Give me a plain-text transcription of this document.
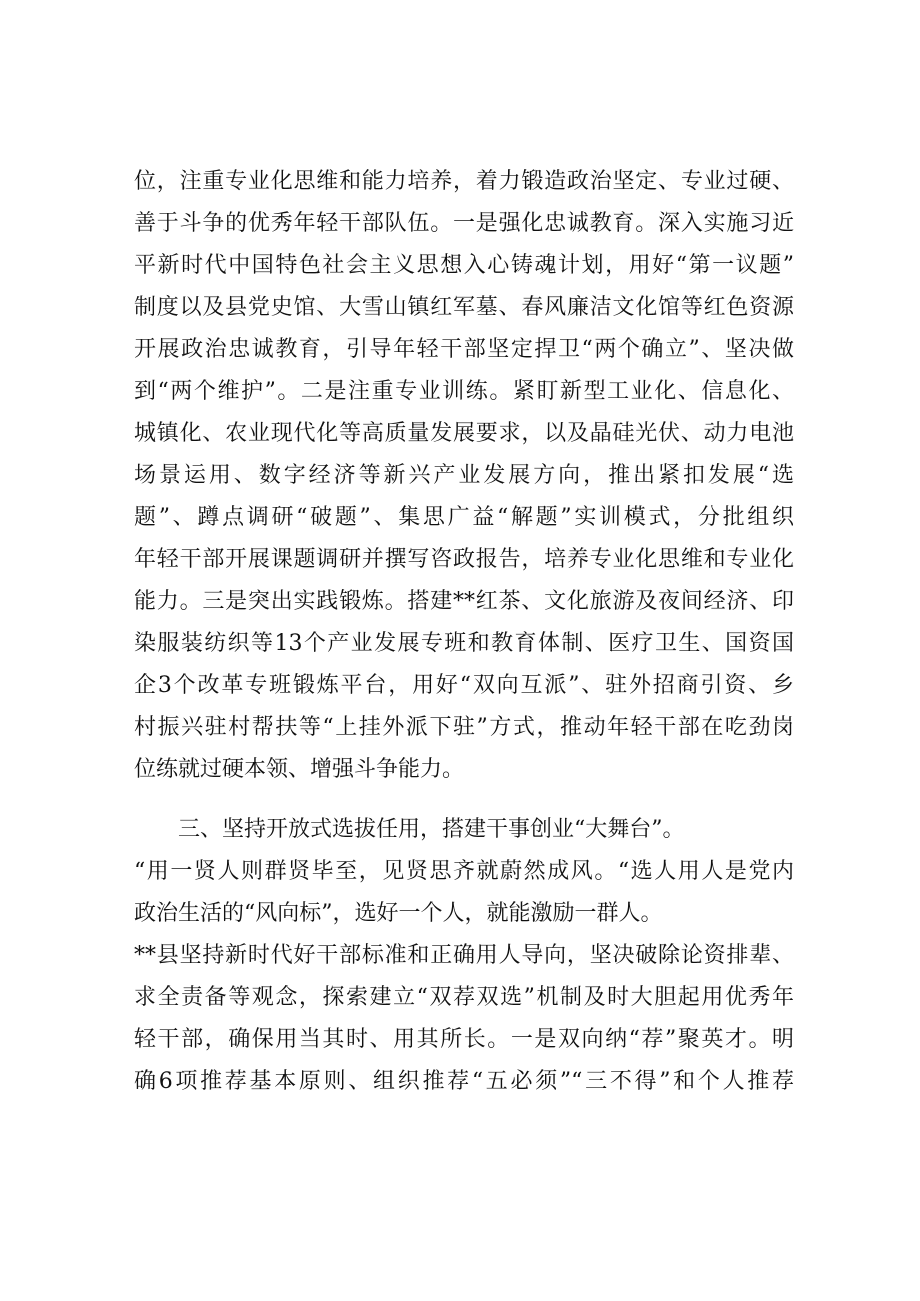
位，注重专业化思维和能力培养，着力锻造政治坚定、专业过硬、
善于斗争的优秀年轻干部队伍。一是强化忠诚教育。深入实施习近
平新时代中国特色社会主义思想入心铸魂计划，用好“第一议题”
制度以及县党史馆、大雪山镇红军墓、春风廉洁文化馆等红色资源
开展政治忠诚教育，引导年轻干部坚定捍卫“两个确立”、坚决做
到“两个维护”。二是注重专业训练。紧盯新型工业化、信息化、
城镇化、农业现代化等高质量发展要求，以及晶硅光伏、动力电池
场景运用、数字经济等新兴产业发展方向，推出紧扣发展“选
题”、蹲点调研“破题”、集思广益“解题”实训模式，分批组织
年轻干部开展课题调研并撰写咨政报告，培养专业化思维和专业化
能力。三是突出实践锻炼。搭建**红茶、文化旅游及夜间经济、印
染服装纺织等13个产业发展专班和教育体制、医疗卫生、国资国
企3个改革专班锻炼平台，用好“双向互派”、驻外招商引资、乡
村振兴驻村帮扶等“上挂外派下驻”方式，推动年轻干部在吃劲岗
位练就过硬本领、增强斗争能力。
三、坚持开放式选拔任用，搭建干事创业“大舞台”。
“用一贤人则群贤毕至，见贤思齐就蔚然成风。“选人用人是党内
政治生活的“风向标”，选好一个人，就能激励一群人。
**县坚持新时代好干部标准和正确用人导向，坚决破除论资排辈、
求全责备等观念，探索建立“双荐双选”机制及时大胆起用优秀年
轻干部，确保用当其时、用其所长。一是双向纳“荐”聚英才。明
确6项推荐基本原则、组织推荐“五必须”“三不得”和个人推荐
